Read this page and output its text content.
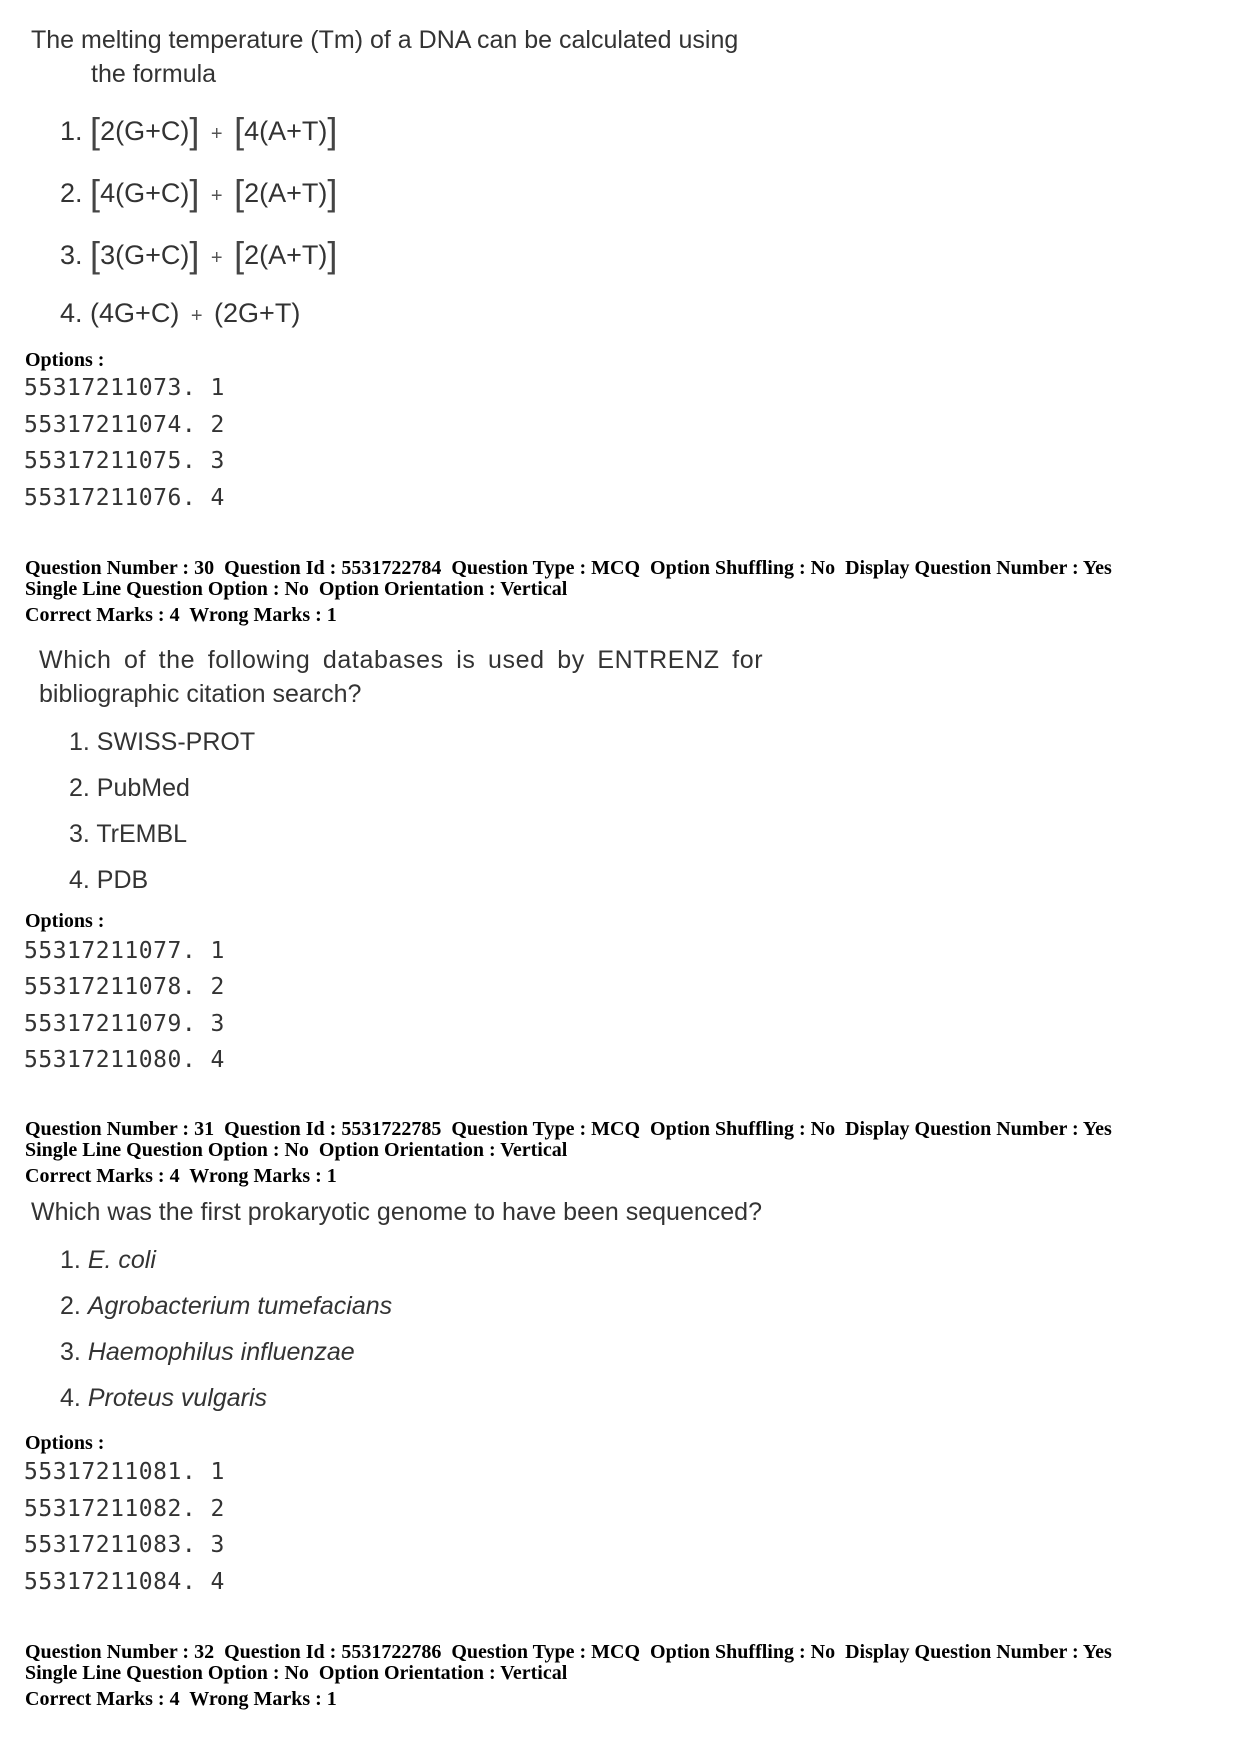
The melting temperature (Tm) of a DNA can be calculated using
the formula
1. [2(G+C)] + [4(A+T)]
2. [4(G+C)] + [2(A+T)]
3. [3(G+C)] + [2(A+T)]
4. (4G+C) + (2G+T)
Options :
55317211073. 1
55317211074. 2
55317211075. 3
55317211076. 4
Question Number : 30  Question Id : 5531722784  Question Type : MCQ  Option Shuffling : No  Display Question Number : Yes
Single Line Question Option : No  Option Orientation : Vertical
Correct Marks : 4  Wrong Marks : 1
Which of the following databases is used by ENTRENZ for
bibliographic citation search?
1. SWISS-PROT
2. PubMed
3. TrEMBL
4. PDB
Options :
55317211077. 1
55317211078. 2
55317211079. 3
55317211080. 4
Question Number : 31  Question Id : 5531722785  Question Type : MCQ  Option Shuffling : No  Display Question Number : Yes
Single Line Question Option : No  Option Orientation : Vertical
Correct Marks : 4  Wrong Marks : 1
Which was the first prokaryotic genome to have been sequenced?
1. E. coli
2. Agrobacterium tumefacians
3. Haemophilus influenzae
4. Proteus vulgaris
Options :
55317211081. 1
55317211082. 2
55317211083. 3
55317211084. 4
Question Number : 32  Question Id : 5531722786  Question Type : MCQ  Option Shuffling : No  Display Question Number : Yes
Single Line Question Option : No  Option Orientation : Vertical
Correct Marks : 4  Wrong Marks : 1
